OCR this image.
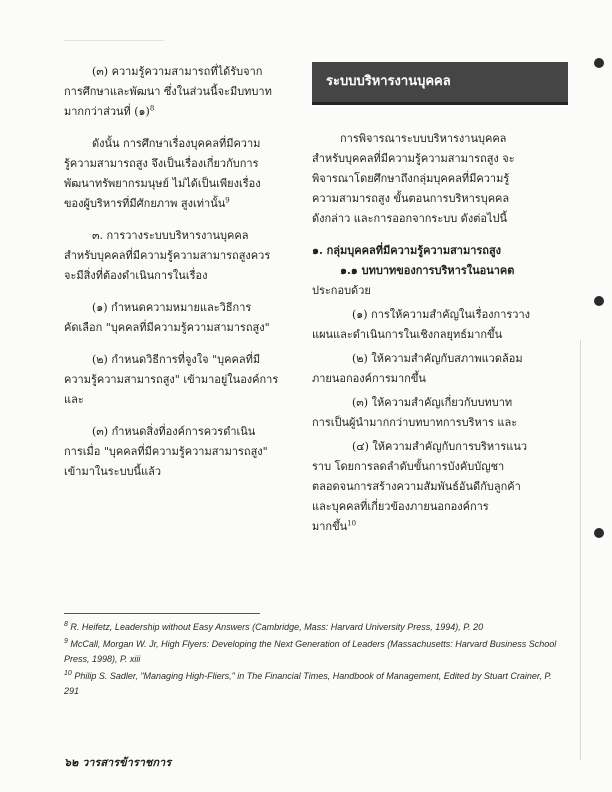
(๓) ความรู้ความสามารถที่ได้รับจาก

การศึกษาและพัฒนา ซึ่งในส่วนนี้จะมีบทบาท

มากกว่าส่วนที่ (๑)$^8$

ดังนั้น การศึกษาเรื่องบุคคลที่มีความ

รู้ความสามารถสูง จึงเป็นเรื่องเกี่ยวกับการ

พัฒนาทรัพยากรมนุษย์ ไม่ได้เป็นเพียงเรื่อง

ของผู้บริหารที่มีศักยภาพ สูงเท่านั้น$^9$

๓. การวางระบบบริหารงานบุคคล

สำหรับบุคคลที่มีความรู้ความสามารถสูงควร

จะมีสิ่งที่ต้องดำเนินการในเรื่อง

(๑) กำหนดความหมายและวิธีการ

คัดเลือก "บุคคลที่มีความรู้ความสามารถสูง"

(๒) กำหนดวิธีการที่จูงใจ "บุคคลที่มี

ความรู้ความสามารถสูง" เข้ามาอยู่ในองค์การ

และ

(๓) กำหนดสิ่งที่องค์การควรดำเนิน

การเมื่อ "บุคคลที่มีความรู้ความสามารถสูง"

เข้ามาในระบบนี้แล้ว

ระบบบริหารงานบุคคล

การพิจารณาระบบบริหารงานบุคคล

สำหรับบุคคลที่มีความรู้ความสามารถสูง จะ

พิจารณาโดยศึกษาถึงกลุ่มบุคคลที่มีความรู้

ความสามารถสูง ขั้นตอนการบริหารบุคคล

ดังกล่าว และการออกจากระบบ ดังต่อไปนี้

๑. กลุ่มบุคคลที่มีความรู้ความสามารถสูง

๑.๑ บทบาทของการบริหารในอนาคต

ประกอบด้วย

(๑) การให้ความสำคัญในเรื่องการวาง

แผนและดำเนินการในเชิงกลยุทธ์มากขึ้น

(๒) ให้ความสำคัญกับสภาพแวดล้อม

ภายนอกองค์การมากขึ้น

(๓) ให้ความสำคัญเกี่ยวกับบทบาท

การเป็นผู้นำมากกว่าบทบาทการบริหาร และ

(๔) ให้ความสำคัญกับการบริหารแนว

ราบ โดยการลดลำดับขั้นการบังคับบัญชา

ตลอดจนการสร้างความสัมพันธ์อันดีกับลูกค้า

และบุคคลที่เกี่ยวข้องภายนอกองค์การ

มากขึ้น$^{10}$

$^8$ R. Heifetz, Leadership without Easy Answers (Cambridge, Mass: Harvard University Press, 1994), P. 20

$^9$ McCall, Morgan W. Jr, High Flyers: Developing the Next Generation of Leaders (Massachusetts: Harvard Business School Press, 1998), P. xiii

$^{10}$ Philip S. Sadler, "Managing High-Fliers," in The Financial Times, Handbook of Management, Edited by Stuart Crainer, P. 291

๖๒ วารสารข้าราชการ
